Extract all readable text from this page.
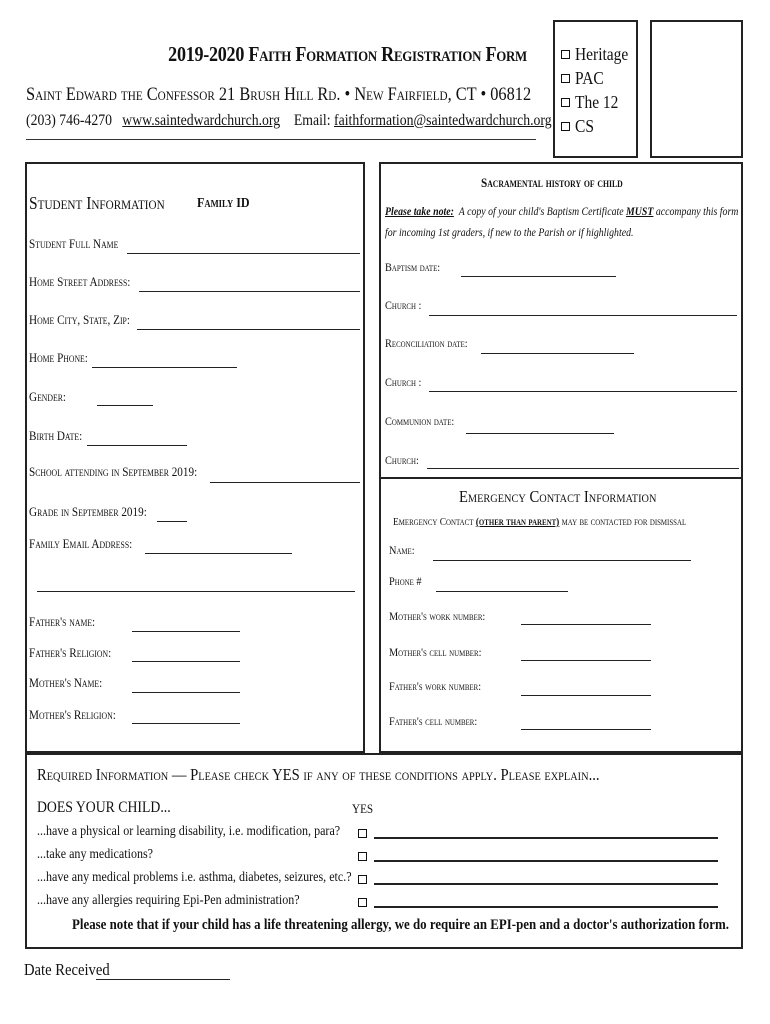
2019-2020 Faith Formation Registration Form
Saint Edward the Confessor 21 Brush Hill Rd. • New Fairfield, CT • 06812
(203) 746-4270 www.saintedwardchurch.org Email: faithformation@saintedwardchurch.org
Heritage
PAC
The 12
CS
Student Information Family ID
Student Full Name
Home Street Address:
Home City, State, Zip:
Home Phone:
Gender:
Birth Date:
School attending in September 2019:
Grade in September 2019:
Family Email Address:
Father's name:
Father's Religion:
Mother's Name:
Mother's Religion:
Sacramental history of child
Please take note: A copy of your child's Baptism Certificate MUST accompany this form
for incoming 1st graders, if new to the Parish or if highlighted.
Baptism date:
Church :
Reconciliation date:
Church :
Communion date:
Church:
Emergency Contact Information
Emergency Contact (other than parent) may be contacted for dismissal
Name:
Phone #
Mother's work number:
Mother's cell number:
Father's work number:
Father's cell number:
Required Information — Please check YES if any of these conditions apply. Please explain...
DOES YOUR CHILD...	YES
...have a physical or learning disability, i.e. modification, para?
...take any medications?
...have any medical problems i.e. asthma, diabetes, seizures, etc.?
...have any allergies requiring Epi-Pen administration?
Please note that if your child has a life threatening allergy, we do require an EPI-pen and a doctor's authorization form.
Date Received
